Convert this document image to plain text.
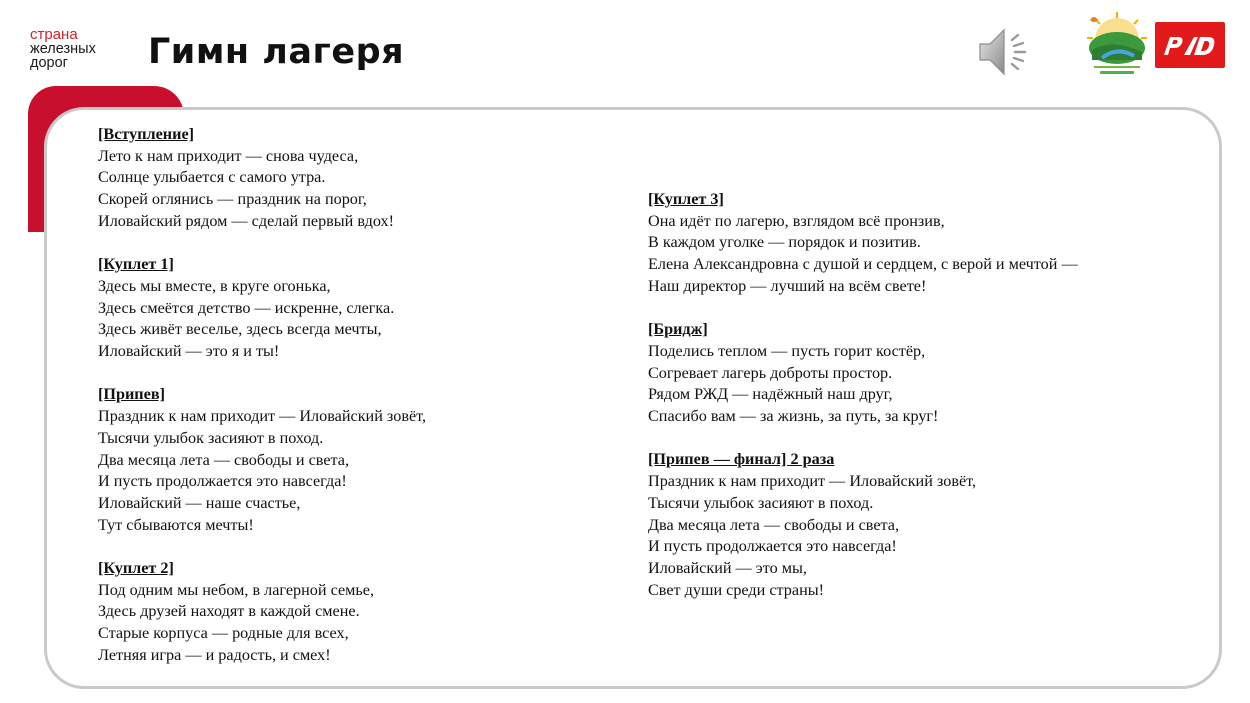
страна
железных
дорог	Гимн лагеря
[Вступление]
Лето к нам приходит — снова чудеса,
Солнце улыбается с самого утра.
Скорей оглянись — праздник на порог,
Иловайский рядом — сделай первый вдох!
[Куплет 1]
Здесь мы вместе, в круге огонька,
Здесь смеётся детство — искренне, слегка.
Здесь живёт веселье, здесь всегда мечты,
Иловайский — это я и ты!
[Припев]
Праздник к нам приходит — Иловайский зовёт,
Тысячи улыбок засияют в поход.
Два месяца лета — свободы и света,
И пусть продолжается это навсегда!
Иловайский — наше счастье,
Тут сбываются мечты!
[Куплет 2]
Под одним мы небом, в лагерной семье,
Здесь друзей находят в каждой смене.
Старые корпуса — родные для всех,
Летняя игра — и радость, и смех!
[Куплет 3]
Она идёт по лагерю, взглядом всё пронзив,
В каждом уголке — порядок и позитив.
Елена Александровна с душой и сердцем, с верой и мечтой —
Наш директор — лучший на всём свете!
[Бридж]
Поделись теплом — пусть горит костёр,
Согревает лагерь доброты простор.
Рядом РЖД — надёжный наш друг,
Спасибо вам — за жизнь, за путь, за круг!
[Припев — финал] 2 раза
Праздник к нам приходит — Иловайский зовёт,
Тысячи улыбок засияют в поход.
Два месяца лета — свободы и света,
И пусть продолжается это навсегда!
Иловайский — это мы,
Свет души среди страны!
